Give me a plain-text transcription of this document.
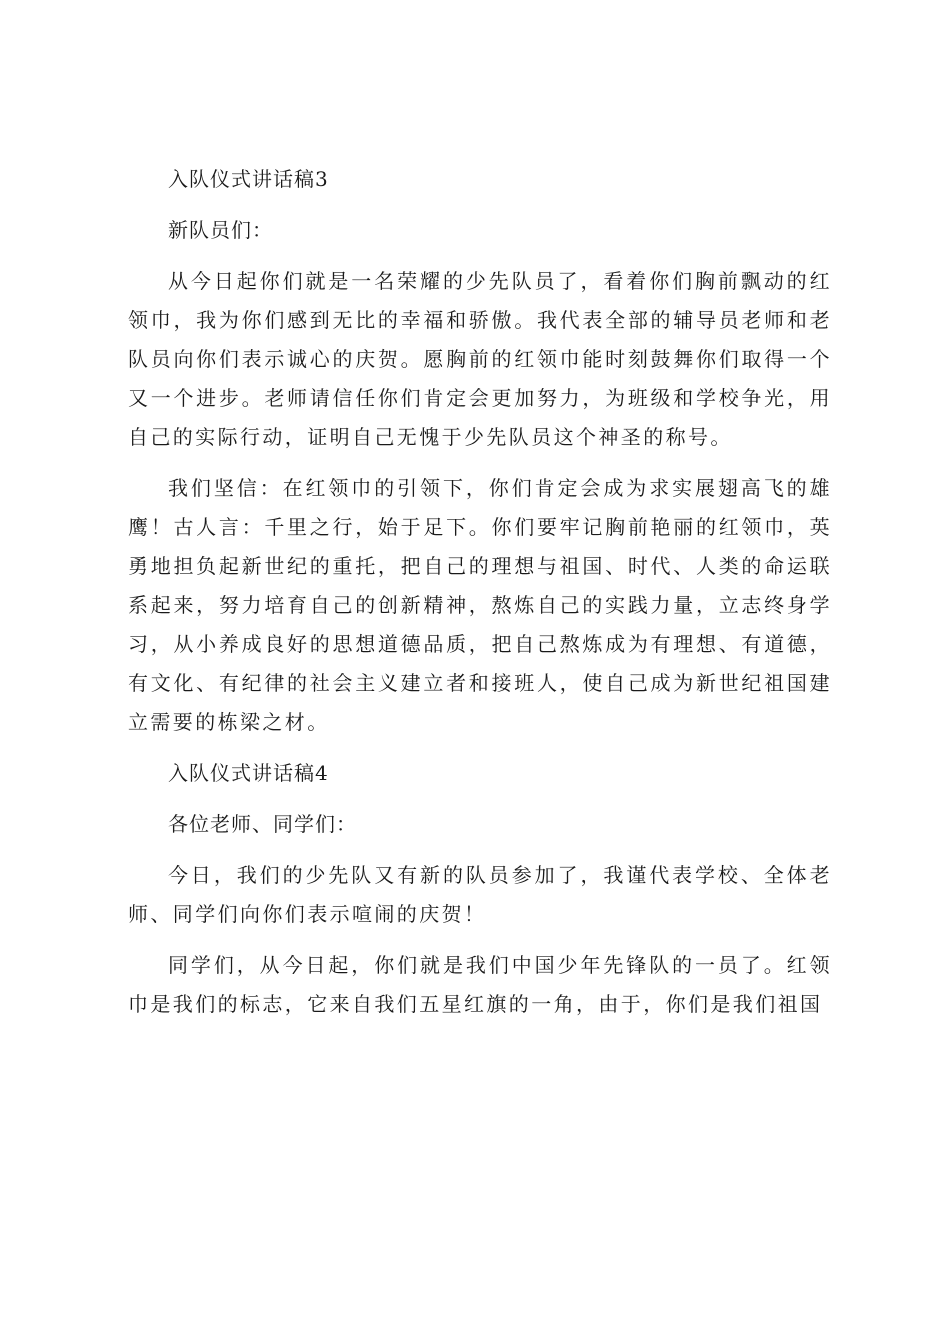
入队仪式讲话稿3
新队员们：

从今日起你们就是一名荣耀的少先队员了，看着你们胸前飘动的红领巾，我为你们感到无比的幸福和骄傲。我代表全部的辅导员老师和老队员向你们表示诚心的庆贺。愿胸前的红领巾能时刻鼓舞你们取得一个又一个进步。老师请信任你们肯定会更加努力，为班级和学校争光，用自己的实际行动，证明自己无愧于少先队员这个神圣的称号。

我们坚信：在红领巾的引领下，你们肯定会成为求实展翅高飞的雄鹰！古人言：千里之行，始于足下。你们要牢记胸前艳丽的红领巾，英勇地担负起新世纪的重托，把自己的理想与祖国、时代、人类的命运联系起来，努力培育自己的创新精神，熬炼自己的实践力量，立志终身学习，从小养成良好的思想道德品质，把自己熬炼成为有理想、有道德，有文化、有纪律的社会主义建立者和接班人，使自己成为新世纪祖国建立需要的栋梁之材。

入队仪式讲话稿4
各位老师、同学们：

今日，我们的少先队又有新的队员参加了，我谨代表学校、全体老师、同学们向你们表示喧闹的庆贺！

同学们，从今日起，你们就是我们中国少年先锋队的一员了。红领巾是我们的标志，它来自我们五星红旗的一角，由于，你们是我们祖国
